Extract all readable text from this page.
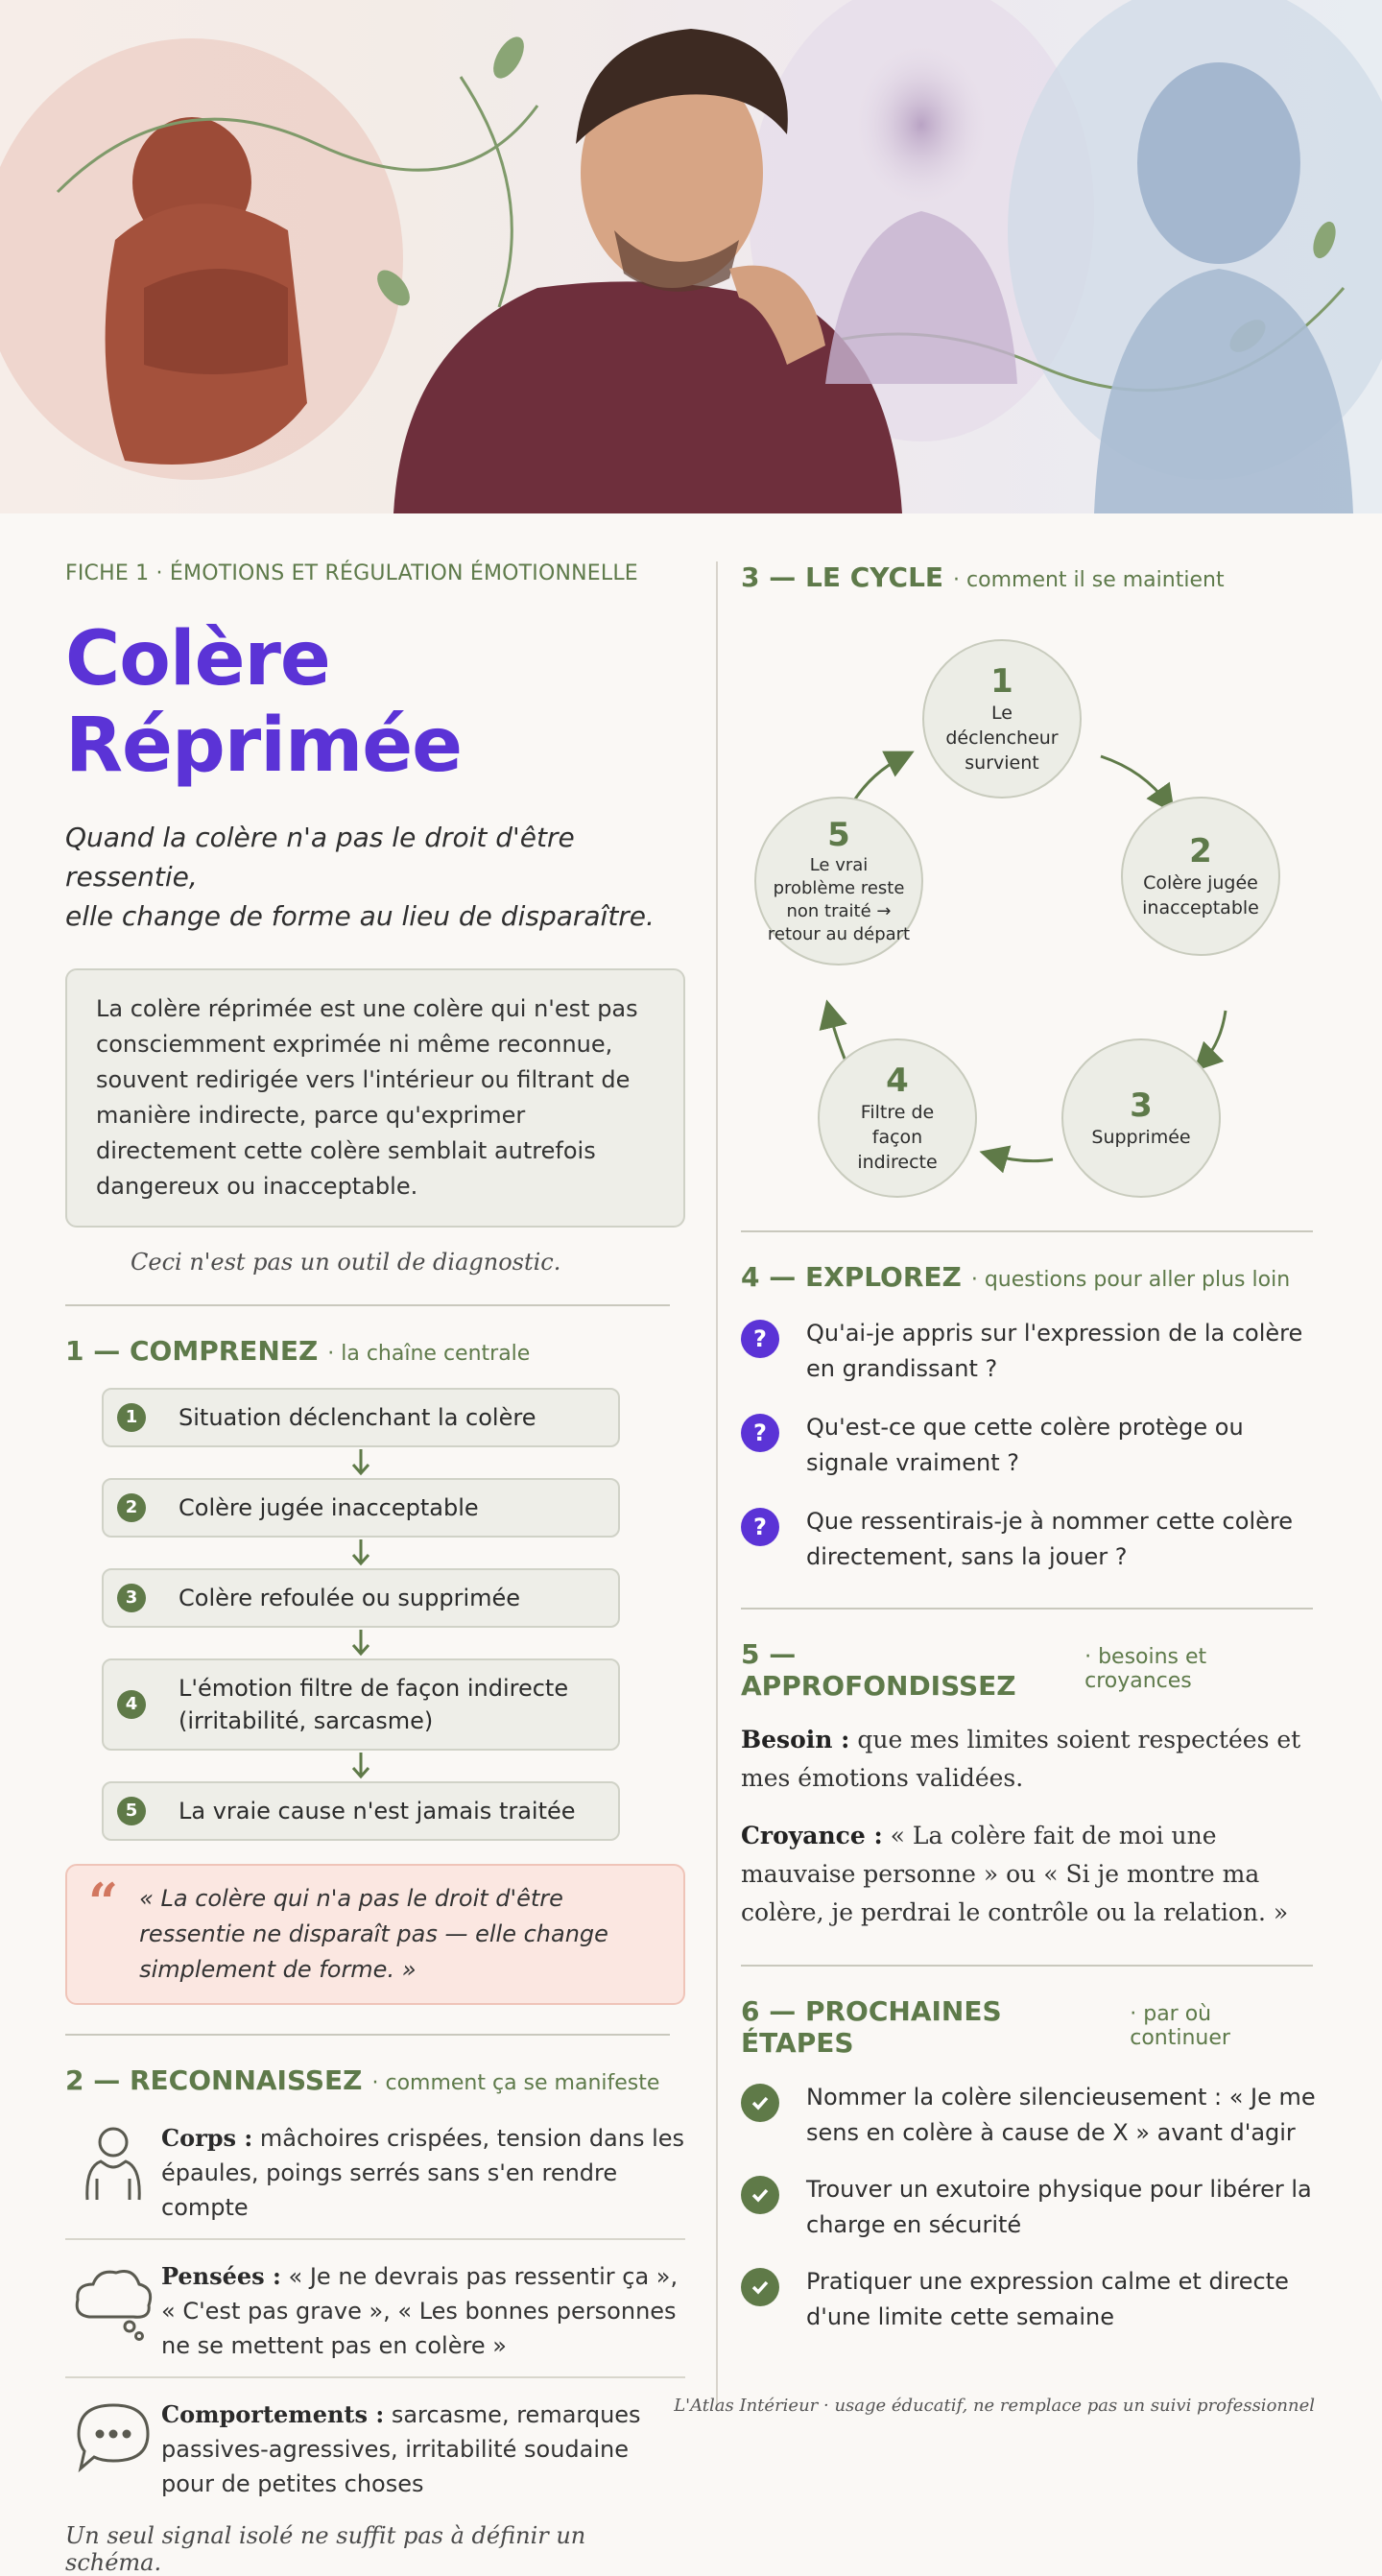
FICHE 1 · ÉMOTIONS ET RÉGULATION ÉMOTIONNELLE
Colère Réprimée
Quand la colère n'a pas le droit d'être ressentie,
elle change de forme au lieu de disparaître.
La colère réprimée est une colère qui n'est pas consciemment exprimée ni même reconnue, souvent redirigée vers l'intérieur ou filtrant de manière indirecte, parce qu'exprimer directement cette colère semblait autrefois dangereux ou inacceptable.
Ceci n'est pas un outil de diagnostic.
1 — COMPRENEZ · la chaîne centrale
1	Situation déclenchant la colère
2	Colère jugée inacceptable
3	Colère refoulée ou supprimée
4
L'émotion filtre de façon indirecte (irritabilité, sarcasme)
5	La vraie cause n'est jamais traitée
“ « La colère qui n'a pas le droit d'être ressentie ne disparaît pas — elle change simplement de forme. »
2 — RECONNAISSEZ · comment ça se manifeste
Corps : mâchoires crispées, tension dans les épaules, poings serrés sans s'en rendre compte
Pensées : « Je ne devrais pas ressentir ça », « C'est pas grave », « Les bonnes personnes ne se mettent pas en colère »
Comportements : sarcasme, remarques passives-agressives, irritabilité soudaine pour de petites choses
Un seul signal isolé ne suffit pas à définir un schéma.
3 — LE CYCLE · comment il se maintient
1
Le déclencheur survient
2
Colère jugée inacceptable
3
Supprimée
4
Filtre de façon indirecte
5
Le vrai problème reste non traité → retour au départ
4 — EXPLOREZ · questions pour aller plus loin
?	Qu'ai-je appris sur l'expression de la colère en grandissant ?
?	Qu'est-ce que cette colère protège ou signale vraiment ?
?	Que ressentirais-je à nommer cette colère directement, sans la jouer ?
5 — APPROFONDISSEZ
· besoins et croyances
Besoin : que mes limites soient respectées et mes émotions validées.
Croyance : « La colère fait de moi une mauvaise personne » ou « Si je montre ma colère, je perdrai le contrôle ou la relation. »
6 — PROCHAINES ÉTAPES
· par où continuer
Nommer la colère silencieusement : « Je me sens en colère à cause de X » avant d'agir
Trouver un exutoire physique pour libérer la charge en sécurité
Pratiquer une expression calme et directe d'une limite cette semaine
L'Atlas Intérieur · usage éducatif, ne remplace pas un suivi professionnel
